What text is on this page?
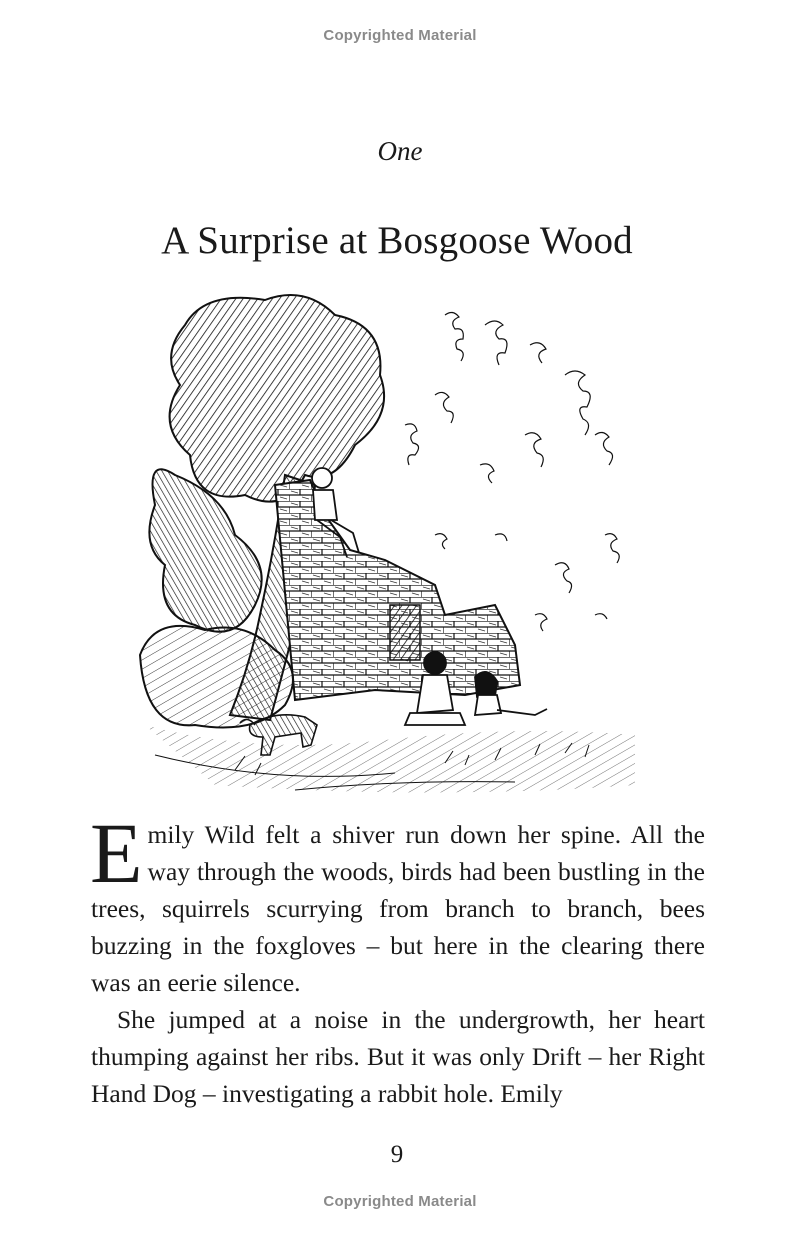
Copyrighted Material
One
A Surprise at Bosgoose Wood

Emily Wild felt a shiver run down her spine. All the way through the woods, birds had been bustling in the trees, squirrels scurrying from branch to branch, bees buzzing in the foxgloves – but here in the clearing there was an eerie silence.

She jumped at a noise in the undergrowth, her heart thumping against her ribs. But it was only Drift – her Right Hand Dog – investigating a rabbit hole. Emily

9
Copyrighted Material
